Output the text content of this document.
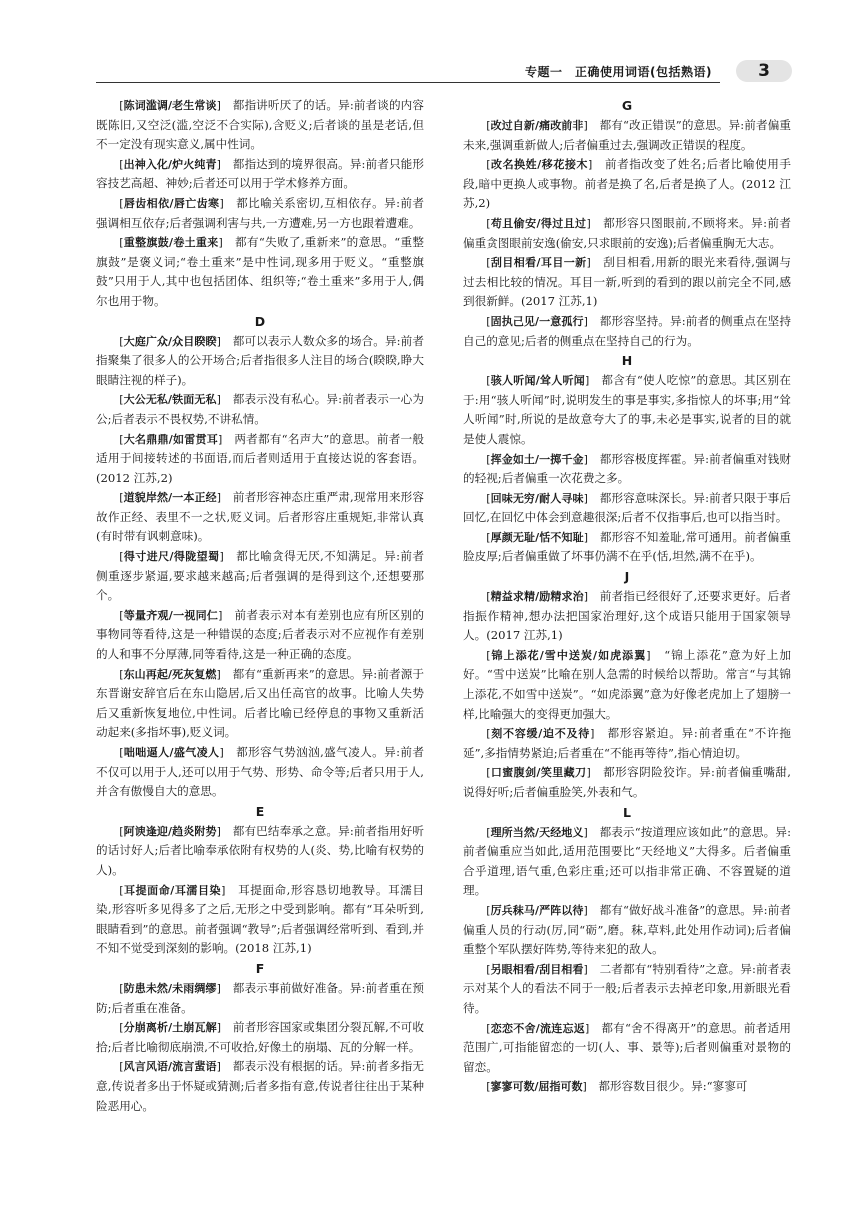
专题一　正确使用词语(包括熟语)	3

[ 陈词滥调/老生常谈 ]　 都指讲听厌了的话。异:前者谈的内容既陈旧,又空泛(滥,空泛不合实际),含贬义;后者谈的虽是老话,但不一定没有现实意义,属中性词。

[ 出神入化/炉火纯青 ]　 都指达到的境界很高。异:前者只能形容技艺高超、神妙;后者还可以用于学术修养方面。

[ 唇齿相依/唇亡齿寒 ]　 都比喻关系密切,互相依存。异:前者强调相互依存;后者强调利害与共,一方遭难,另一方也跟着遭难。

[ 重整旗鼓/卷土重来 ]　 都有“失败了,重新来”的意思。“重整旗鼓”是褒义词;“卷土重来”是中性词,现多用于贬义。“重整旗鼓”只用于人,其中也包括团体、组织等;“卷土重来”多用于人,偶尔也用于物。

D

[ 大庭广众/众目睽睽 ]　 都可以表示人数众多的场合。异:前者指聚集了很多人的公开场合;后者指很多人注目的场合(睽睽,睁大眼睛注视的样子)。

[ 大公无私/铁面无私 ]　 都表示没有私心。异:前者表示一心为公;后者表示不畏权势,不讲私情。

[ 大名鼎鼎/如雷贯耳 ]　 两者都有“名声大”的意思。前者一般适用于间接转述的书面语,而后者则适用于直接达说的客套语。(2012 江苏,2)

[ 道貌岸然/一本正经 ]　 前者形容神态庄重严肃,现常用来形容故作正经、表里不一之状,贬义词。后者形容庄重规矩,非常认真(有时带有讽刺意味)。

[ 得寸进尺/得陇望蜀 ]　 都比喻贪得无厌,不知满足。异:前者侧重逐步紧逼,要求越来越高;后者强调的是得到这个,还想要那个。

[ 等量齐观/一视同仁 ]　 前者表示对本有差别也应有所区别的事物同等看待,这是一种错误的态度;后者表示对不应视作有差别的人和事不分厚薄,同等看待,这是一种正确的态度。

[ 东山再起/死灰复燃 ]　 都有“重新再来”的意思。异:前者源于东晋谢安辞官后在东山隐居,后又出任高官的故事。比喻人失势后又重新恢复地位,中性词。后者比喻已经停息的事物又重新活动起来(多指坏事),贬义词。

[ 咄咄逼人/盛气凌人 ]　 都形容气势汹汹,盛气凌人。异:前者不仅可以用于人,还可以用于气势、形势、命令等;后者只用于人,并含有傲慢自大的意思。

E

[ 阿谀逢迎/趋炎附势 ]　 都有巴结奉承之意。异:前者指用好听的话讨好人;后者比喻奉承依附有权势的人(炎、势,比喻有权势的人)。

[ 耳提面命/耳濡目染 ]　 耳提面命,形容恳切地教导。耳濡目染,形容听多见得多了之后,无形之中受到影响。都有“耳朵听到,眼睛看到”的意思。前者强调“教导”;后者强调经常听到、看到,并不知不觉受到深刻的影响。(2018 江苏,1)

F

[ 防患未然/未雨绸缪 ]　 都表示事前做好准备。异:前者重在预防;后者重在准备。

[ 分崩离析/土崩瓦解 ]　 前者形容国家或集团分裂瓦解,不可收拾;后者比喻彻底崩溃,不可收拾,好像土的崩塌、瓦的分解一样。

[ 风言风语/流言蜚语 ]　 都表示没有根据的话。异:前者多指无意,传说者多出于怀疑或猜测;后者多指有意,传说者往往出于某种险恶用心。

G

[ 改过自新/痛改前非 ]　 都有“改正错误”的意思。异:前者偏重未来,强调重新做人;后者偏重过去,强调改正错误的程度。

[ 改名换姓/移花接木 ]　 前者指改变了姓名;后者比喻使用手段,暗中更换人或事物。前者是换了名,后者是换了人。(2012 江苏,2)

[ 苟且偷安/得过且过 ]　 都形容只图眼前,不顾将来。异:前者偏重贪图眼前安逸(偷安,只求眼前的安逸);后者偏重胸无大志。

[ 刮目相看/耳目一新 ]　 刮目相看,用新的眼光来看待,强调与过去相比较的情况。耳目一新,听到的看到的跟以前完全不同,感到很新鲜。(2017 江苏,1)

[ 固执己见/一意孤行 ]　 都形容坚持。异:前者的侧重点在坚持自己的意见;后者的侧重点在坚持自己的行为。

H

[ 骇人听闻/耸人听闻 ]　 都含有“使人吃惊”的意思。其区别在于:用“骇人听闻”时,说明发生的事是事实,多指惊人的坏事;用“耸人听闻”时,所说的是故意夸大了的事,未必是事实,说者的目的就是使人震惊。

[ 挥金如土/一掷千金 ]　 都形容极度挥霍。异:前者偏重对钱财的轻视;后者偏重一次花费之多。

[ 回味无穷/耐人寻味 ]　 都形容意味深长。异:前者只限于事后回忆,在回忆中体会到意趣很深;后者不仅指事后,也可以指当时。

[ 厚颜无耻/恬不知耻 ]　 都形容不知羞耻,常可通用。前者偏重脸皮厚;后者偏重做了坏事仍满不在乎(恬,坦然,满不在乎)。

J

[ 精益求精/励精求治 ]　 前者指已经很好了,还要求更好。后者指振作精神,想办法把国家治理好,这个成语只能用于国家领导人。(2017 江苏,1)

[ 锦上添花/雪中送炭/如虎添翼 ]　 “锦上添花”意为好上加好。“雪中送炭”比喻在别人急需的时候给以帮助。常言“与其锦上添花,不如雪中送炭”。“如虎添翼”意为好像老虎加上了翅膀一样,比喻强大的变得更加强大。

[ 刻不容缓/迫不及待 ]　 都形容紧迫。异:前者重在“不许拖延”,多指情势紧迫;后者重在“不能再等待”,指心情迫切。

[ 口蜜腹剑/笑里藏刀 ]　 都形容阴险狡诈。异:前者偏重嘴甜,说得好听;后者偏重脸笑,外表和气。

L

[ 理所当然/天经地义 ]　 都表示“按道理应该如此”的意思。异:前者偏重应当如此,适用范围要比“天经地义”大得多。后者偏重合乎道理,语气重,色彩庄重;还可以指非常正确、不容置疑的道理。

[ 厉兵秣马/严阵以待 ]　 都有“做好战斗准备”的意思。异:前者偏重人员的行动(厉,同“砺”,磨。秣,草料,此处用作动词);后者偏重整个军队摆好阵势,等待来犯的敌人。

[ 另眼相看/刮目相看 ]　 二者都有“特别看待”之意。异:前者表示对某个人的看法不同于一般;后者表示去掉老印象,用新眼光看待。

[ 恋恋不舍/流连忘返 ]　 都有“舍不得离开”的意思。前者适用范围广,可指能留恋的一切(人、事、景等);后者则偏重对景物的留恋。

[ 寥寥可数/屈指可数 ]　 都形容数目很少。异:“寥寥可
